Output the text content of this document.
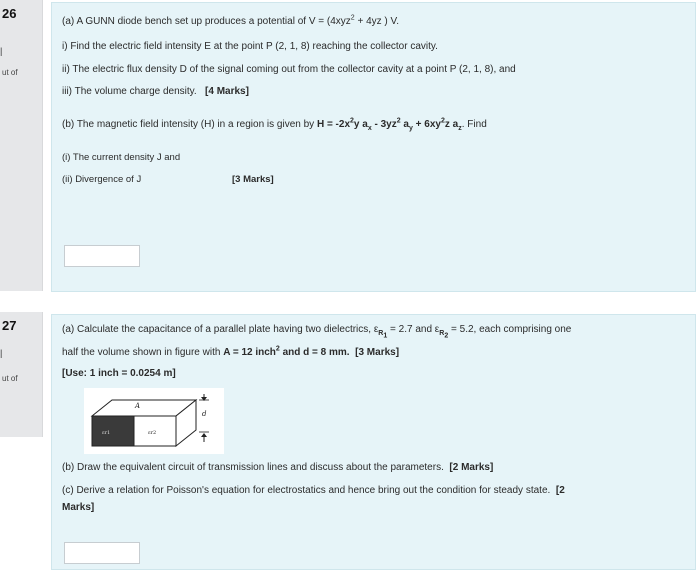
26
|
ut of
(a) A GUNN diode bench set up produces a potential of V = (4xyz$^2$ + 4yz ) V.
i) Find the electric field intensity E at the point P (2, 1, 8) reaching the collector cavity.
ii) The electric flux density D of the signal coming out from the collector cavity at a point P (2, 1, 8), and
iii) The volume charge density. [4 Marks]
(b) The magnetic field intensity (H) in a region is given by $H = -2x^2y$ $a_x - 3yz^2$ $a_y + 6xy^2z$ $a_z$. Find
(i) The current density J and
(ii) Divergence of J	[3 Marks]
27
|
ut of
(a) Calculate the capacitance of a parallel plate having two dielectrics, $\varepsilon_{R_1} = 2.7$ and $\varepsilon_{R_2} = 5.2$, each comprising one
half the volume shown in figure with A = 12 inch$^2$ and d = 8 mm. [3 Marks]
[Use: 1 inch = 0.0254 m]
A
d
εr1	εr2
(b) Draw the equivalent circuit of transmission lines and discuss about the parameters. [2 Marks]
(c) Derive a relation for Poisson's equation for electrostatics and hence bring out the condition for steady state. [2
Marks]
